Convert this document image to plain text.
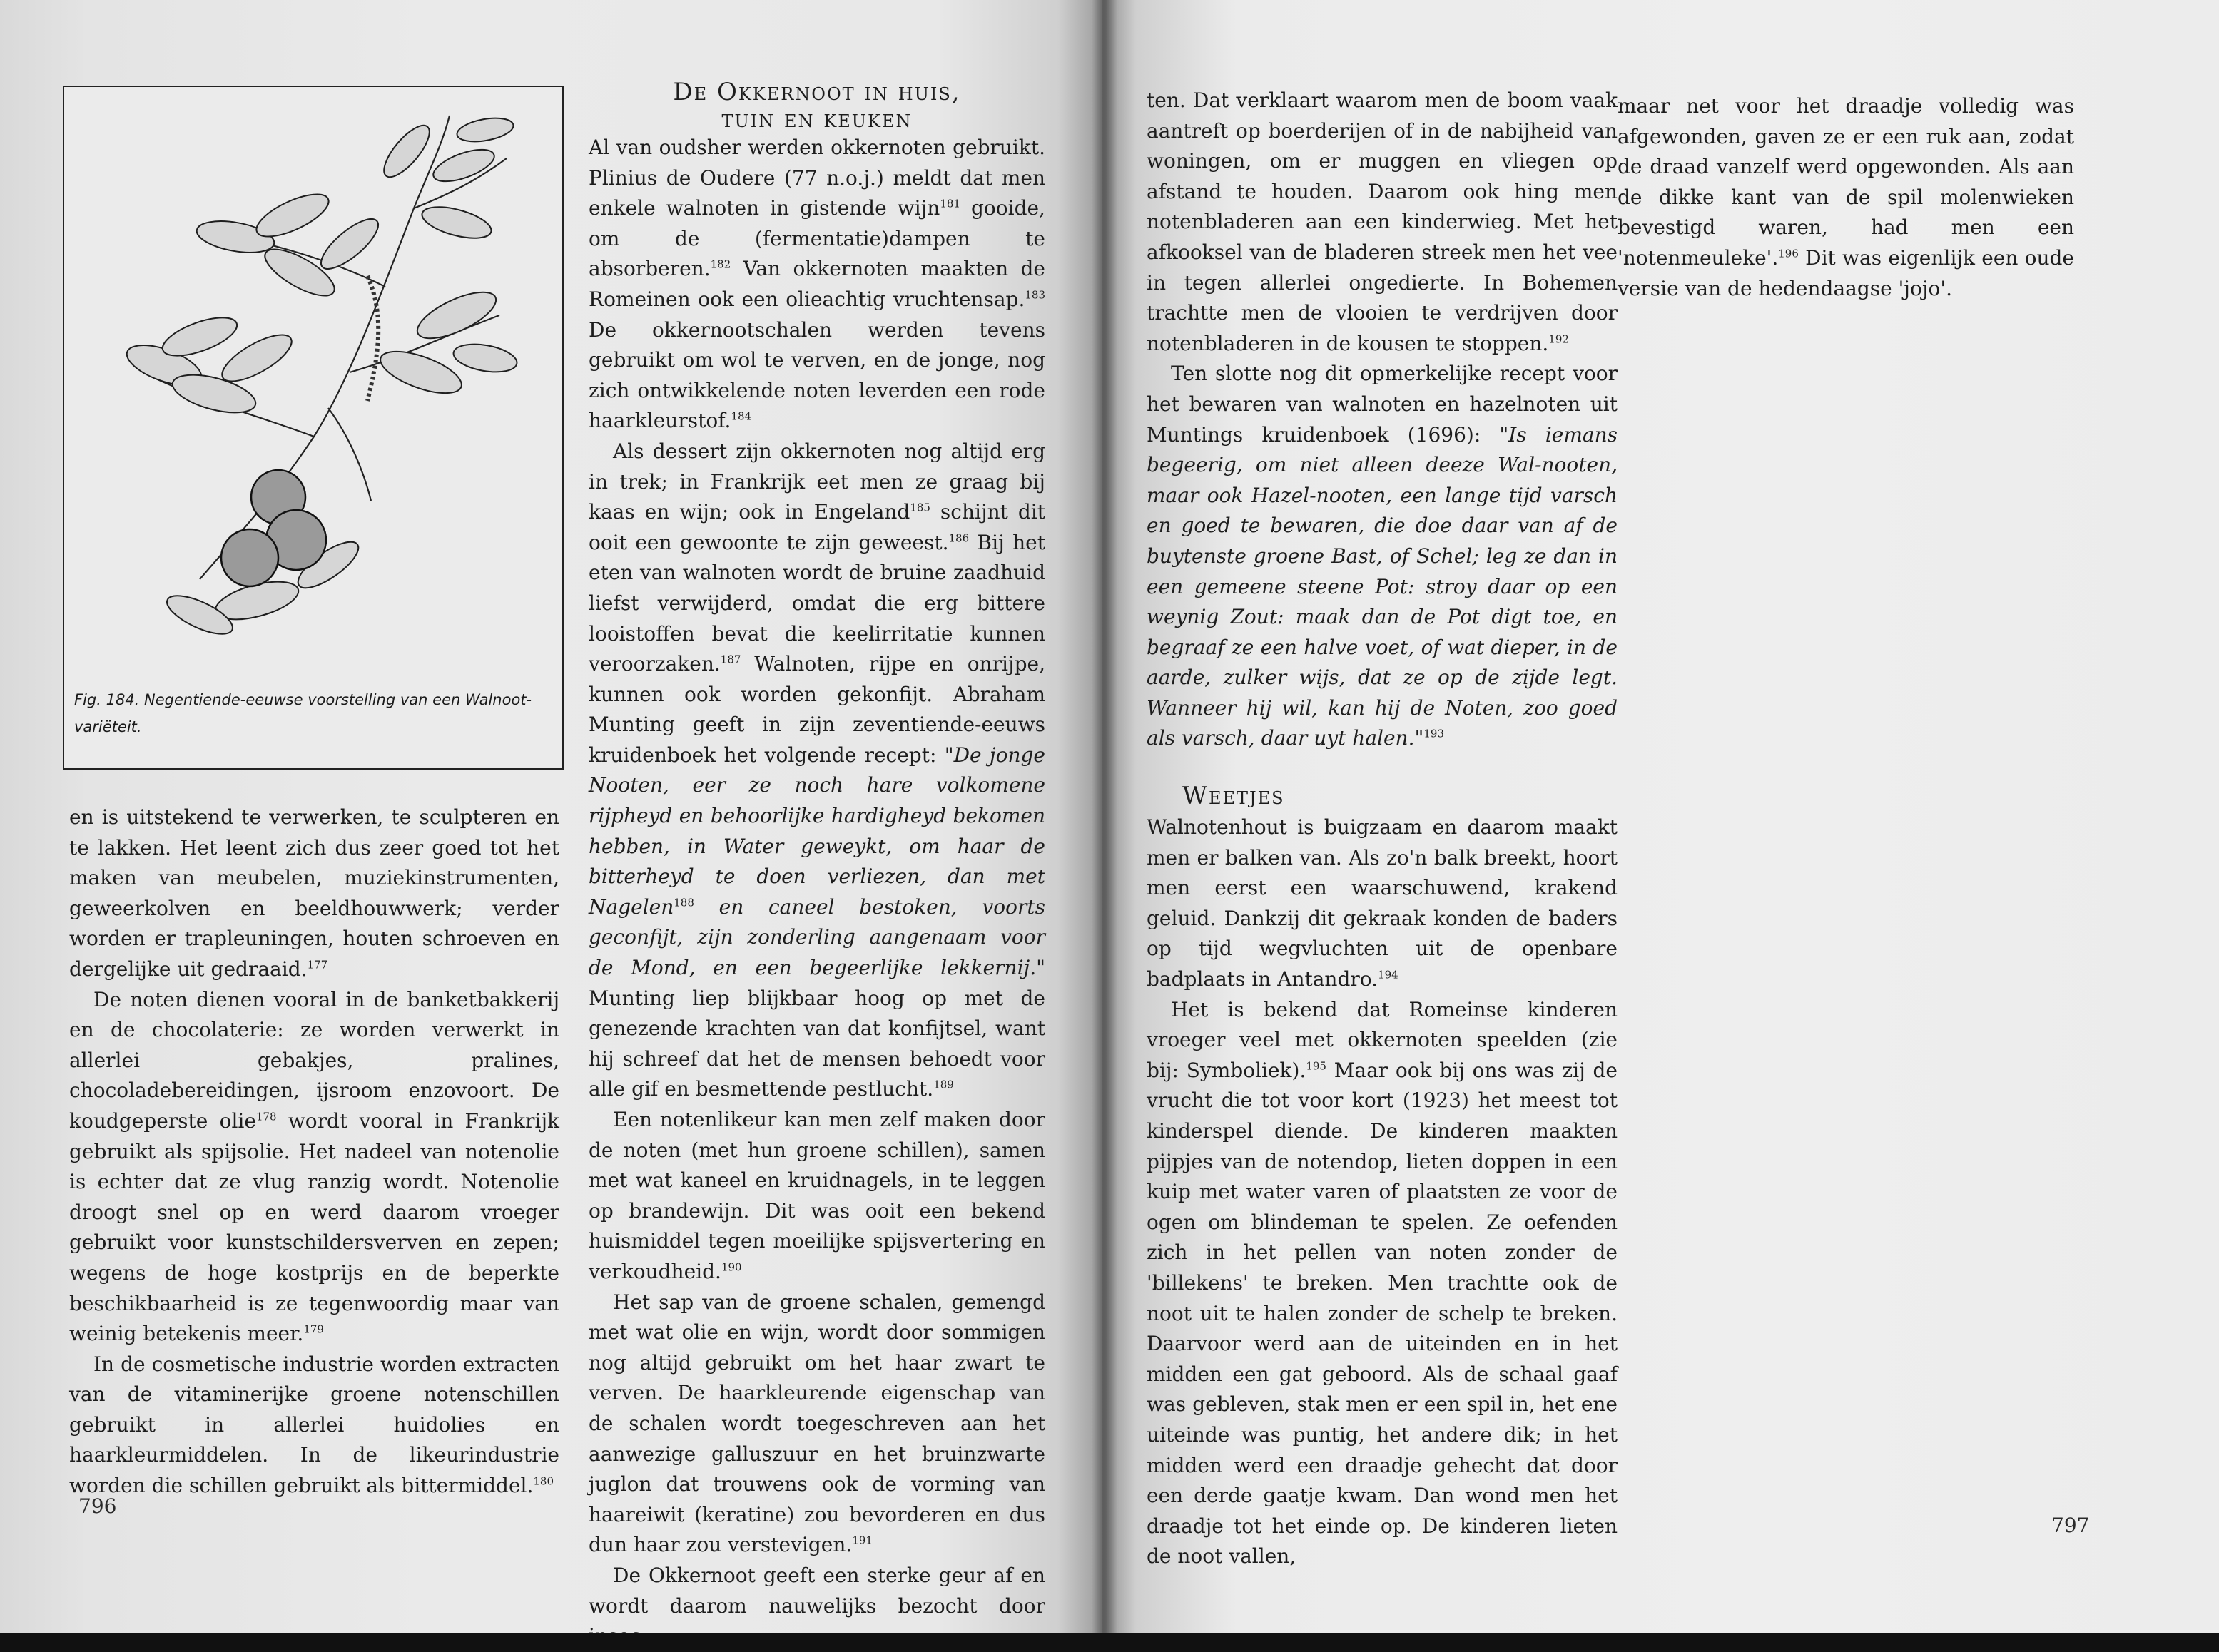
Fig. 184. Negentiende-eeuwse voorstelling van een Walnoot-variëteit.

en is uitstekend te verwerken, te sculpteren en te lakken. Het leent zich dus zeer goed tot het maken van meubelen, muziekinstrumenten, geweerkolven en beeldhouwwerk; verder worden er trapleuningen, houten schroeven en dergelijke uit gedraaid.$^{177}$

De noten dienen vooral in de banketbakkerij en de chocolaterie: ze worden verwerkt in allerlei gebakjes, pralines, chocoladebereidingen, ijsroom enzovoort. De koudgeperste olie$^{178}$ wordt vooral in Frankrijk gebruikt als spijsolie. Het nadeel van notenolie is echter dat ze vlug ranzig wordt. Notenolie droogt snel op en werd daarom vroeger gebruikt voor kunstschildersverven en zepen; wegens de hoge kostprijs en de beperkte beschikbaarheid is ze tegenwoordig maar van weinig betekenis meer.$^{179}$

In de cosmetische industrie worden extracten van de vitaminerijke groene notenschillen gebruikt in allerlei huidolies en haarkleurmiddelen. In de likeurindustrie worden die schillen gebruikt als bittermiddel.$^{180}$

De Okkernoot in huis,
tuin en keuken

Al van oudsher werden okkernoten gebruikt. Plinius de Oudere (77 n.o.j.) meldt dat men enkele walnoten in gistende wijn$^{181}$ gooide, om de (fermentatie)dampen te absorberen.$^{182}$ Van okkernoten maakten de Romeinen ook een olieachtig vruchtensap.$^{183}$ De okkernootschalen werden tevens gebruikt om wol te verven, en de jonge, nog zich ontwikkelende noten leverden een rode haarkleurstof.$^{184}$

Als dessert zijn okkernoten nog altijd erg in trek; in Frankrijk eet men ze graag bij kaas en wijn; ook in Engeland$^{185}$ schijnt dit ooit een gewoonte te zijn geweest.$^{186}$ Bij het eten van walnoten wordt de bruine zaadhuid liefst verwijderd, omdat die erg bittere looistoffen bevat die keelirritatie kunnen veroorzaken.$^{187}$ Walnoten, rijpe en onrijpe, kunnen ook worden gekonfijt. Abraham Munting geeft in zijn zeventiende-eeuws kruidenboek het volgende recept: "De jonge Nooten, eer ze noch hare volkomene rijpheyd en behoorlijke hardigheyd bekomen hebben, in Water geweykt, om haar de bitterheyd te doen verliezen, dan met Nagelen$^{188}$ en caneel bestoken, voorts geconfijt, zijn zonderling aangenaam voor de Mond, en een begeerlijke lekkernij." Munting liep blijkbaar hoog op met de genezende krachten van dat konfijtsel, want hij schreef dat het de mensen behoedt voor alle gif en besmettende pestlucht.$^{189}$

Een notenlikeur kan men zelf maken door de noten (met hun groene schillen), samen met wat kaneel en kruidnagels, in te leggen op brandewijn. Dit was ooit een bekend huismiddel tegen moeilijke spijsvertering en verkoudheid.$^{190}$

Het sap van de groene schalen, gemengd met wat olie en wijn, wordt door sommigen nog altijd gebruikt om het haar zwart te verven. De haarkleurende eigenschap van de schalen wordt toegeschreven aan het aanwezige galluszuur en het bruinzwarte juglon dat trouwens ook de vorming van haareiwit (keratine) zou bevorderen en dus dun haar zou verstevigen.$^{191}$

De Okkernoot geeft een sterke geur af en wordt daarom nauwelijks bezocht door

796

ten. Dat verklaart waarom men de boom vaak aantreft op boerderijen of in de nabijheid van woningen, om er muggen en vliegen op afstand te houden. Daarom ook hing men notenbladeren aan een kinderwieg. Met het afkooksel van de bladeren streek men het vee in tegen allerlei ongedierte. In Bohemen trachtte men de vlooien te verdrijven door notenbladeren in de kousen te stoppen.$^{192}$

Ten slotte nog dit opmerkelijke recept voor het bewaren van walnoten en hazelnoten uit Muntings kruidenboek (1696): "Is iemans begeerig, om niet alleen deeze Wal-nooten, maar ook Hazel-nooten, een lange tijd varsch en goed te bewaren, die doe daar van af de buytenste groene Bast, of Schel; leg ze dan in een gemeene steene Pot: stroy daar op een weynig Zout: maak dan de Pot digt toe, en begraaf ze een halve voet, of wat dieper, in de aarde, zulker wijs, dat ze op de zijde legt. Wanneer hij wil, kan hij de Noten, zoo goed als varsch, daar uyt halen."$^{193}$

Weetjes

Walnotenhout is buigzaam en daarom maakt men er balken van. Als zo'n balk breekt, hoort men eerst een waarschuwend, krakend geluid. Dankzij dit gekraak konden de baders op tijd wegvluchten uit de openbare badplaats in Antandro.$^{194}$

Het is bekend dat Romeinse kinderen vroeger veel met okkernoten speelden (zie bij: Symboliek).$^{195}$ Maar ook bij ons was zij de vrucht die tot voor kort (1923) het meest tot kinderspel diende. De kinderen maakten pijpjes van de notendop, lieten doppen in een kuip met water varen of plaatsten ze voor de ogen om blindeman te spelen. Ze oefenden zich in het pellen van noten zonder de 'billekens' te breken. Men trachtte ook de noot uit te halen zonder de schelp te breken. Daarvoor werd aan de uiteinden en in het midden een gat geboord. Als de schaal gaaf was gebleven, stak men er een spil in, het ene uiteinde was puntig, het andere dik; in het midden werd een draadje gehecht dat door een derde gaatje kwam. Dan wond men het draadje tot het einde op. De kinderen lieten de noot vallen,

maar net voor het draadje volledig was afgewonden, gaven ze er een ruk aan, zodat de draad vanzelf werd opgewonden. Als aan de dikke kant van de spil molenwieken bevestigd waren, had men een 'notenmeuleke'.$^{196}$ Dit was eigenlijk een oude versie van de hedendaagse 'jojo'.

797
